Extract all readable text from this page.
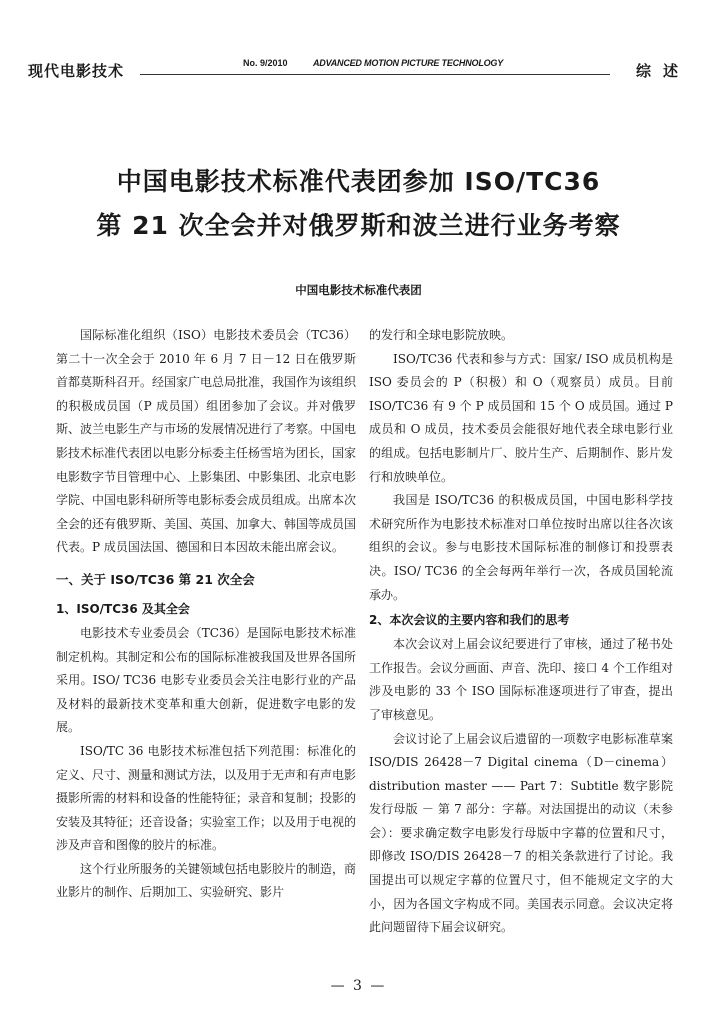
现代电影技术	No. 9/2010	ADVANCED MOTION PICTURE TECHNOLOGY	综述
中国电影技术标准代表团参加 ISO/TC36
第 21 次全会并对俄罗斯和波兰进行业务考察
中国电影技术标准代表团

国际标准化组织（ISO）电影技术委员会（TC36）第二十一次全会于 2010 年 6 月 7 日－12 日在俄罗斯首都莫斯科召开。经国家广电总局批准，我国作为该组织的积极成员国（P 成员国）组团参加了会议。并对俄罗斯、波兰电影生产与市场的发展情况进行了考察。中国电影技术标准代表团以电影分标委主任杨雪培为团长，国家电影数字节目管理中心、上影集团、中影集团、北京电影学院、中国电影科研所等电影标委会成员组成。出席本次全会的还有俄罗斯、美国、英国、加拿大、韩国等成员国代表。P 成员国法国、德国和日本因故未能出席会议。

一、关于 ISO/TC36 第 21 次全会
1、ISO/TC36 及其全会

电影技术专业委员会（TC36）是国际电影技术标准制定机构。其制定和公布的国际标准被我国及世界各国所采用。ISO/ TC36 电影专业委员会关注电影行业的产品及材料的最新技术变革和重大创新，促进数字电影的发展。

ISO/TC 36 电影技术标准包括下列范围：标准化的定义、尺寸、测量和测试方法，以及用于无声和有声电影摄影所需的材料和设备的性能特征；录音和复制；投影的安装及其特征；还音设备；实验室工作；以及用于电视的涉及声音和图像的胶片的标准。

这个行业所服务的关键领域包括电影胶片的制造，商业影片的制作、后期加工、实验研究、影片

的发行和全球电影院放映。

ISO/TC36 代表和参与方式：国家/ ISO 成员机构是 ISO 委员会的 P（积极）和 O（观察员）成员。目前 ISO/TC36 有 9 个 P 成员国和 15 个 O 成员国。通过 P 成员和 O 成员，技术委员会能很好地代表全球电影行业的组成。包括电影制片厂、胶片生产、后期制作、影片发行和放映单位。

我国是 ISO/TC36 的积极成员国，中国电影科学技术研究所作为电影技术标准对口单位按时出席以往各次该组织的会议。参与电影技术国际标准的制修订和投票表决。ISO/ TC36 的全会每两年举行一次，各成员国轮流承办。

2、本次会议的主要内容和我们的思考

本次会议对上届会议纪要进行了审核，通过了秘书处工作报告。会议分画面、声音、洗印、接口 4 个工作组对涉及电影的 33 个 ISO 国际标准逐项进行了审查，提出了审核意见。

会议讨论了上届会议后遗留的一项数字电影标准草案 ISO/DIS 26428－7 Digital cinema（D－cinema）distribution master —— Part 7：Subtitle 数字影院发行母版 － 第 7 部分：字幕。对法国提出的动议（未参会）：要求确定数字电影发行母版中字幕的位置和尺寸，即修改 ISO/DIS 26428－7 的相关条款进行了讨论。我国提出可以规定字幕的位置尺寸，但不能规定文字的大小，因为各国文字构成不同。美国表示同意。会议决定将此问题留待下届会议研究。

— 3 —
